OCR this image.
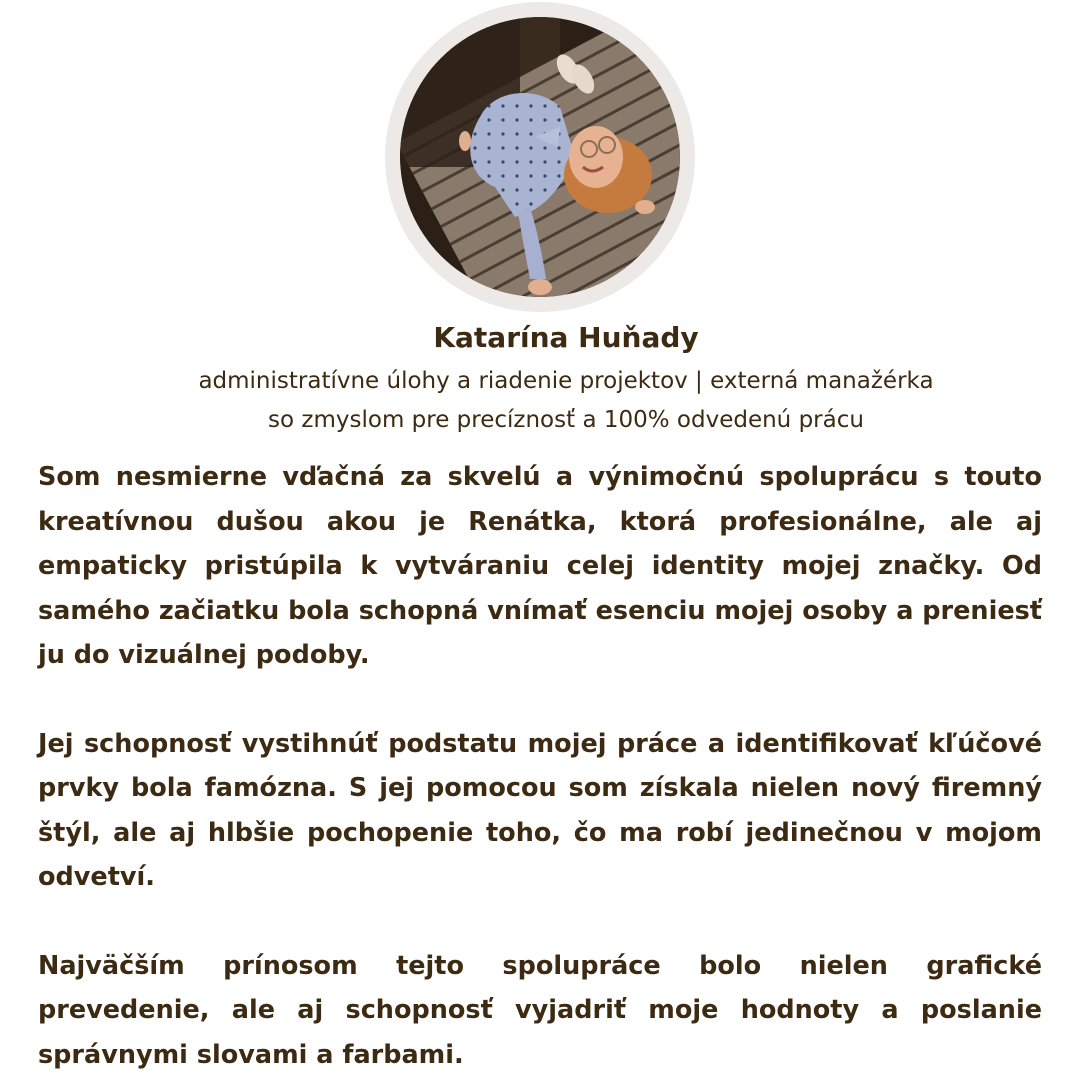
Katarína Huňady
administratívne úlohy a riadenie projektov | externá manažérka
so zmyslom pre precíznosť a 100% odvedenú prácu

Som nesmierne vďačná za skvelú a výnimočnú spoluprácu s touto kreatívnou dušou akou je Renátka, ktorá profesionálne, ale aj empaticky pristúpila k vytváraniu celej identity mojej značky. Od samého začiatku bola schopná vnímať esenciu mojej osoby a preniesť ju do vizuálnej podoby.

Jej schopnosť vystihnúť podstatu mojej práce a identifikovať kľúčové prvky bola famózna. S jej pomocou som získala nielen nový firemný štýl, ale aj hlbšie pochopenie toho, čo ma robí jedinečnou v mojom odvetví.

Najväčším prínosom tejto spolupráce bolo nielen grafické prevedenie, ale aj schopnosť vyjadriť moje hodnoty a poslanie správnymi slovami a farbami.
